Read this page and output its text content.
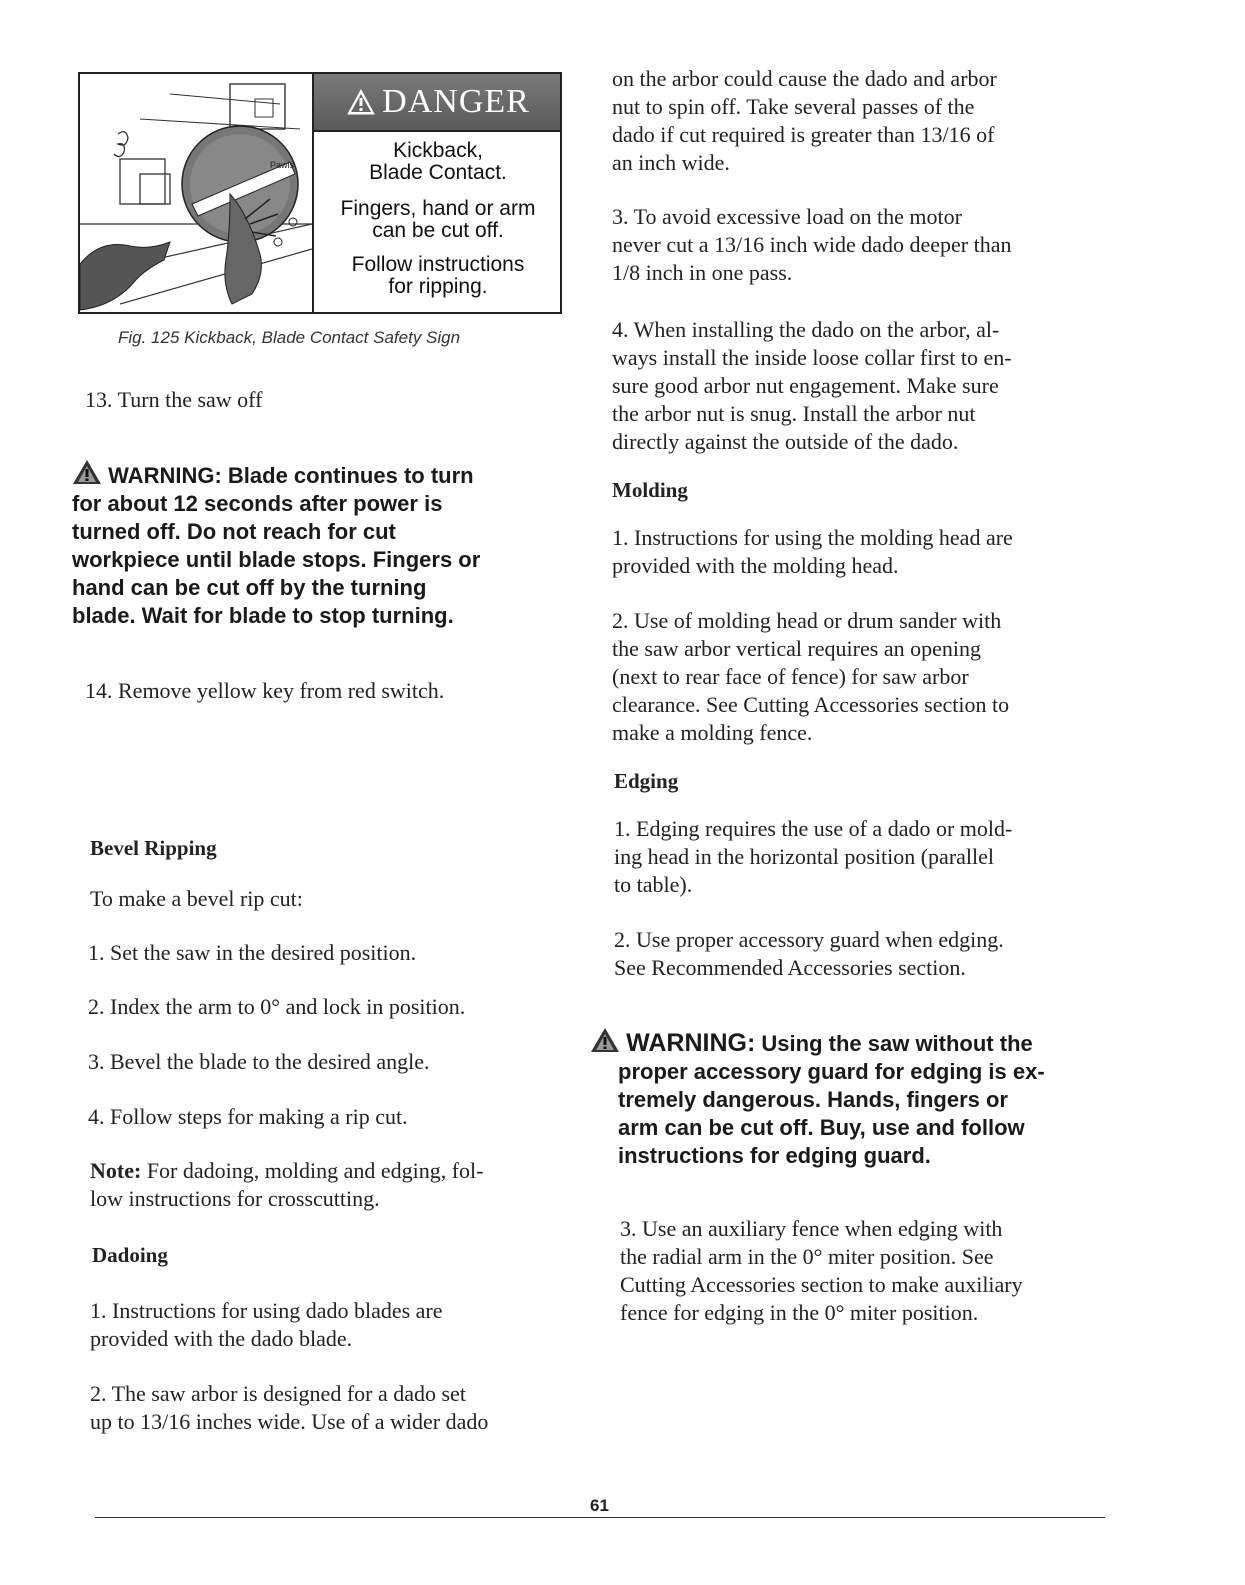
Pawls
DANGER
Kickback,
Blade Contact.
Fingers, hand or arm
can be cut off.
Follow instructions
for ripping.
Fig. 125 Kickback, Blade Contact Safety Sign

13. Turn the saw off

WARNING: Blade continues to turn
for about 12 seconds after power is
turned off. Do not reach for cut
workpiece until blade stops. Fingers or
hand can be cut off by the turning
blade. Wait for blade to stop turning.

14. Remove yellow key from red switch.

Bevel Ripping

To make a bevel rip cut:

1. Set the saw in the desired position.

2. Index the arm to 0° and lock in position.

3. Bevel the blade to the desired angle.

4. Follow steps for making a rip cut.

Note: For dadoing, molding and edging, fol-
low instructions for crosscutting.

Dadoing

1. Instructions for using dado blades are
provided with the dado blade.

2. The saw arbor is designed for a dado set
up to 13/16 inches wide. Use of a wider dado

on the arbor could cause the dado and arbor
nut to spin off. Take several passes of the
dado if cut required is greater than 13/16 of
an inch wide.

3. To avoid excessive load on the motor
never cut a 13/16 inch wide dado deeper than
1/8 inch in one pass.

4. When installing the dado on the arbor, al-
ways install the inside loose collar first to en-
sure good arbor nut engagement. Make sure
the arbor nut is snug. Install the arbor nut
directly against the outside of the dado.

Molding

1. Instructions for using the molding head are
provided with the molding head.

2. Use of molding head or drum sander with
the saw arbor vertical requires an opening
(next to rear face of fence) for saw arbor
clearance. See Cutting Accessories section to
make a molding fence.

Edging

1. Edging requires the use of a dado or mold-
ing head in the horizontal position (parallel
to table).

2. Use proper accessory guard when edging.
See Recommended Accessories section.

WARNING: Using the saw without the
proper accessory guard for edging is ex-
tremely dangerous. Hands, fingers or
arm can be cut off. Buy, use and follow
instructions for edging guard.

3. Use an auxiliary fence when edging with
the radial arm in the 0° miter position. See
Cutting Accessories section to make auxiliary
fence for edging in the 0° miter position.

61
